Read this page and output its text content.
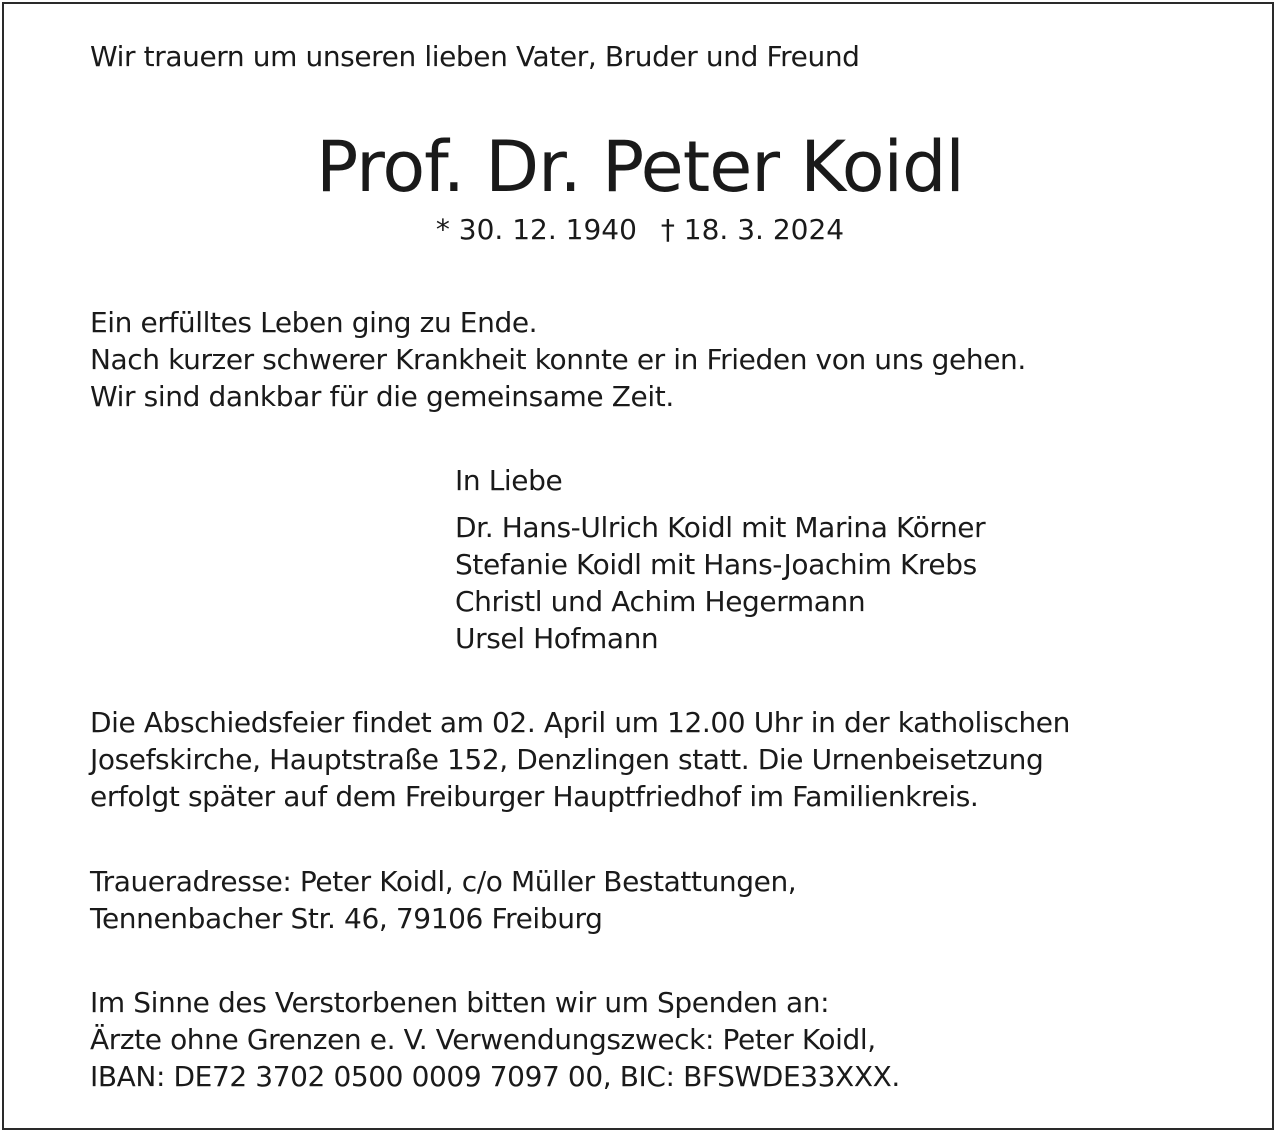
Wir trauern um unseren lieben Vater, Bruder und Freund
Prof. Dr. Peter Koidl
* 30. 12. 1940 † 18. 3. 2024
Ein erfülltes Leben ging zu Ende.
Nach kurzer schwerer Krankheit konnte er in Frieden von uns gehen.
Wir sind dankbar für die gemeinsame Zeit.
In Liebe
Dr. Hans-Ulrich Koidl mit Marina Körner
Stefanie Koidl mit Hans-Joachim Krebs
Christl und Achim Hegermann
Ursel Hofmann
Die Abschiedsfeier findet am 02. April um 12.00 Uhr in der katholischen
Josefskirche, Hauptstraße 152, Denzlingen statt. Die Urnenbeisetzung
erfolgt später auf dem Freiburger Hauptfriedhof im Familienkreis.
Traueradresse: Peter Koidl, c/o Müller Bestattungen,
Tennenbacher Str. 46, 79106 Freiburg
Im Sinne des Verstorbenen bitten wir um Spenden an:
Ärzte ohne Grenzen e. V. Verwendungszweck: Peter Koidl,
IBAN: DE72 3702 0500 0009 7097 00, BIC: BFSWDE33XXX.
